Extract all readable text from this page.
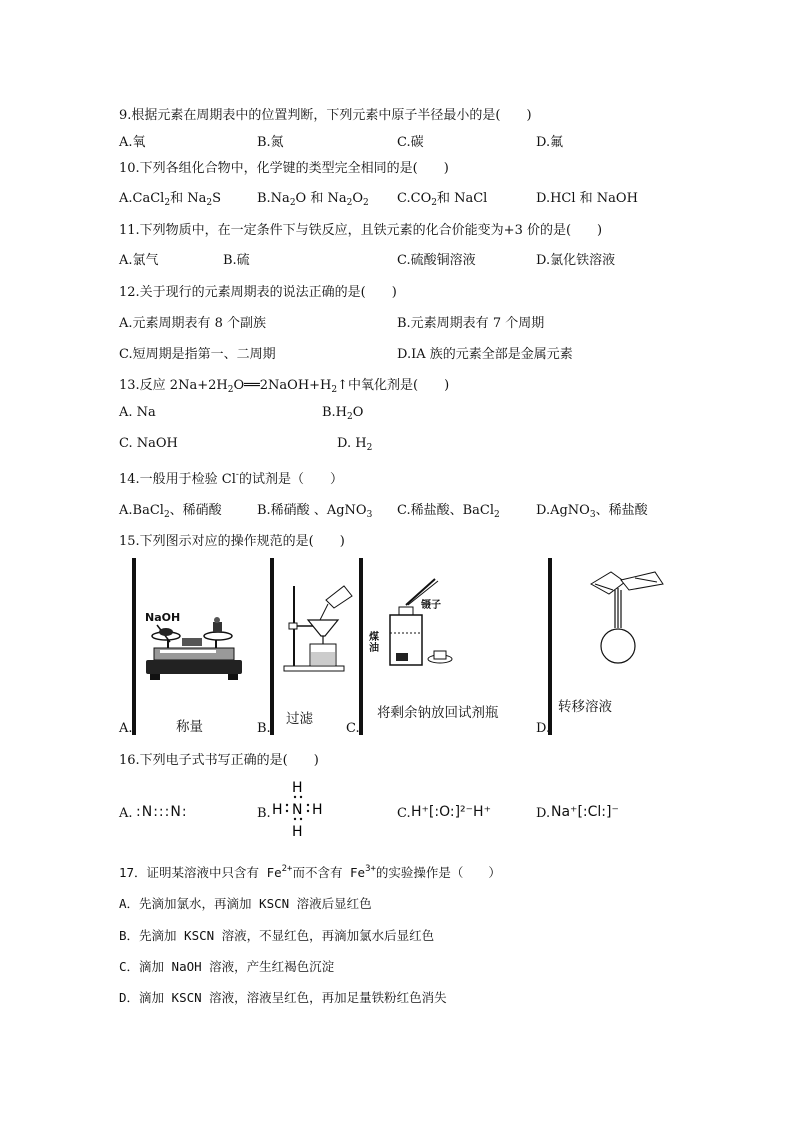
9.根据元素在周期表中的位置判断，下列元素中原子半径最小的是(　　)
A.氧	B.氮	C.碳	D.氟
10.下列各组化合物中，化学键的类型完全相同的是(　　)
A.CaCl$_2$和 $Na_2S$	$B.Na_2O$ 和 $Na_2O_2$ $C.CO_2$和 NaCl	D.HCl 和 NaOH
11.下列物质中，在一定条件下与铁反应，且铁元素的化合价能变为+3 价的是(　　)
A.氯气	B.硫	C.硫酸铜溶液	D.氯化铁溶液
12.关于现行的元素周期表的说法正确的是(　　)
A.元素周期表有 8 个副族	B.元素周期表有 7 个周期
C.短周期是指第一、二周期	D.IA 族的元素全部是金属元素
13.反应 $2Na+2H_2O══2NaOH+H_2↑$中氧化剂是(　　)
A. Na	$B.H_2O$
C. NaOH	D. $H_2$
14.一般用于检验 Cl-的试剂是（　　）
A.BaCl$_2$、稀硝酸	B.稀硝酸 、AgNO$_3$ C.稀盐酸、BaCl$_2$	D.AgNO$_3$、稀盐酸
15.下列图示对应的操作规范的是(　　)
A.	称量
NaOH
B.
过滤
C.
将剩余钠放回试剂瓶
镊子
煤油
D.
转移溶液
16.下列电子式书写正确的是(　　)
A. :N:::N:	B.
H
H N H
H
C. H⁺[:O:]²⁻H⁺	D. Na⁺[:Cl:]⁻
17．证明某溶液中只含有 $Fe^{2+}$而不含有 $Fe^{3+}$的实验操作是（　　）
A．先滴加氯水，再滴加 KSCN 溶液后显红色
B．先滴加 KSCN 溶液，不显红色，再滴加氯水后显红色
C．滴加 NaOH 溶液，产生红褐色沉淀
D．滴加 KSCN 溶液，溶液呈红色，再加足量铁粉红色消失
